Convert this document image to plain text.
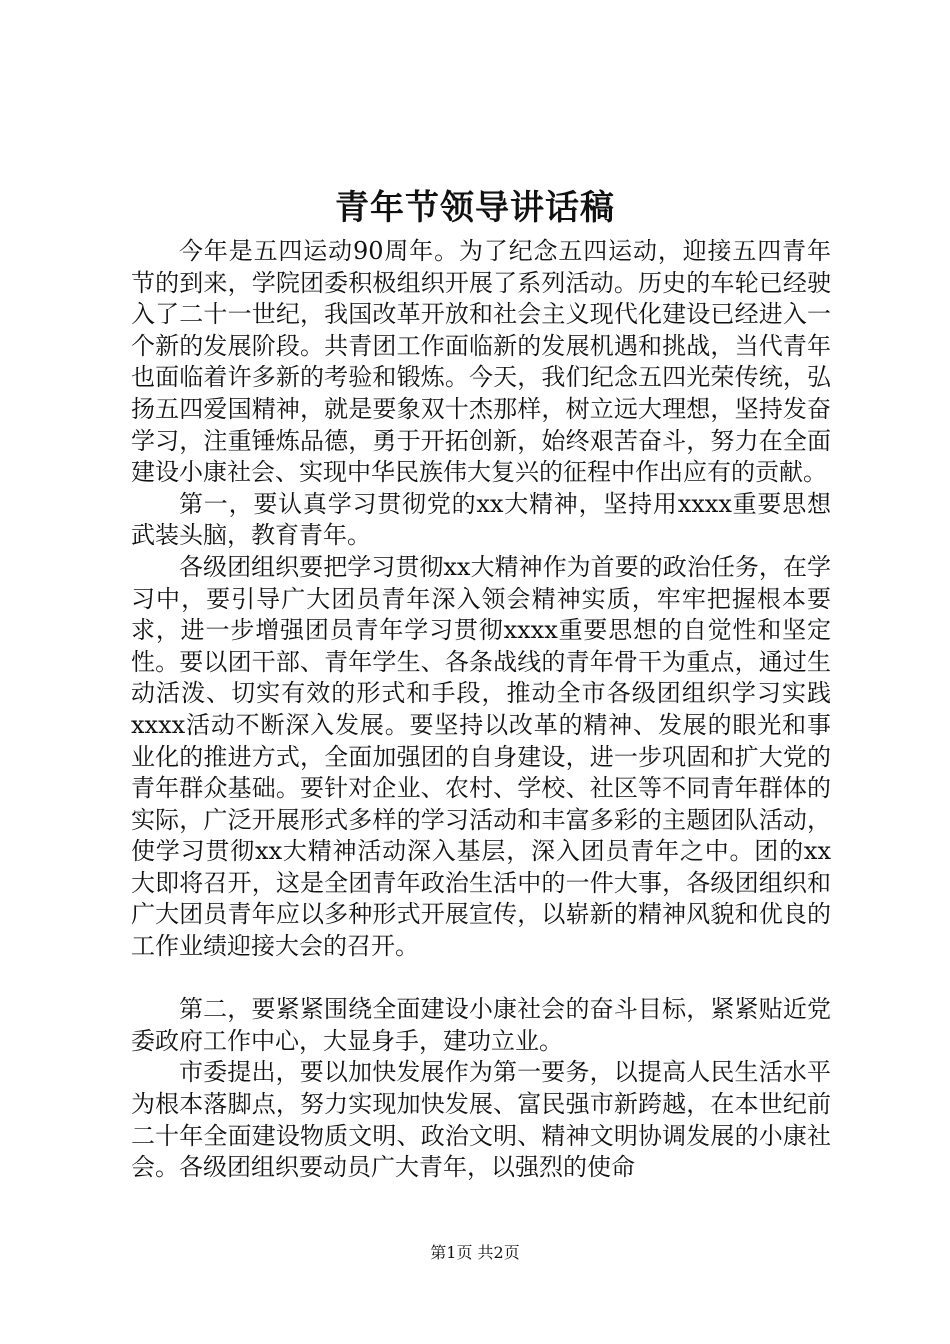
青年节领导讲话稿

今年是五四运动90周年。为了纪念五四运动，迎接五四青年节的到来，学院团委积极组织开展了系列活动。历史的车轮已经驶入了二十一世纪，我国改革开放和社会主义现代化建设已经进入一个新的发展阶段。共青团工作面临新的发展机遇和挑战，当代青年也面临着许多新的考验和锻炼。今天，我们纪念五四光荣传统，弘扬五四爱国精神，就是要象双十杰那样，树立远大理想，坚持发奋学习，注重锤炼品德，勇于开拓创新，始终艰苦奋斗，努力在全面建设小康社会、实现中华民族伟大复兴的征程中作出应有的贡献。

第一，要认真学习贯彻党的xx大精神，坚持用xxxx重要思想武装头脑，教育青年。

各级团组织要把学习贯彻xx大精神作为首要的政治任务，在学习中，要引导广大团员青年深入领会精神实质，牢牢把握根本要求，进一步增强团员青年学习贯彻xxxx重要思想的自觉性和坚定性。要以团干部、青年学生、各条战线的青年骨干为重点，通过生动活泼、切实有效的形式和手段，推动全市各级团组织学习实践xxxx活动不断深入发展。要坚持以改革的精神、发展的眼光和事业化的推进方式，全面加强团的自身建设，进一步巩固和扩大党的青年群众基础。要针对企业、农村、学校、社区等不同青年群体的实际，广泛开展形式多样的学习活动和丰富多彩的主题团队活动，使学习贯彻xx大精神活动深入基层，深入团员青年之中。团的xx大即将召开，这是全团青年政治生活中的一件大事，各级团组织和广大团员青年应以多种形式开展宣传，以崭新的精神风貌和优良的工作业绩迎接大会的召开。

第二，要紧紧围绕全面建设小康社会的奋斗目标，紧紧贴近党委政府工作中心，大显身手，建功立业。

市委提出，要以加快发展作为第一要务，以提高人民生活水平为根本落脚点，努力实现加快发展、富民强市新跨越，在本世纪前二十年全面建设物质文明、政治文明、精神文明协调发展的小康社会。各级团组织要动员广大青年，以强烈的使命

第1页 共2页
